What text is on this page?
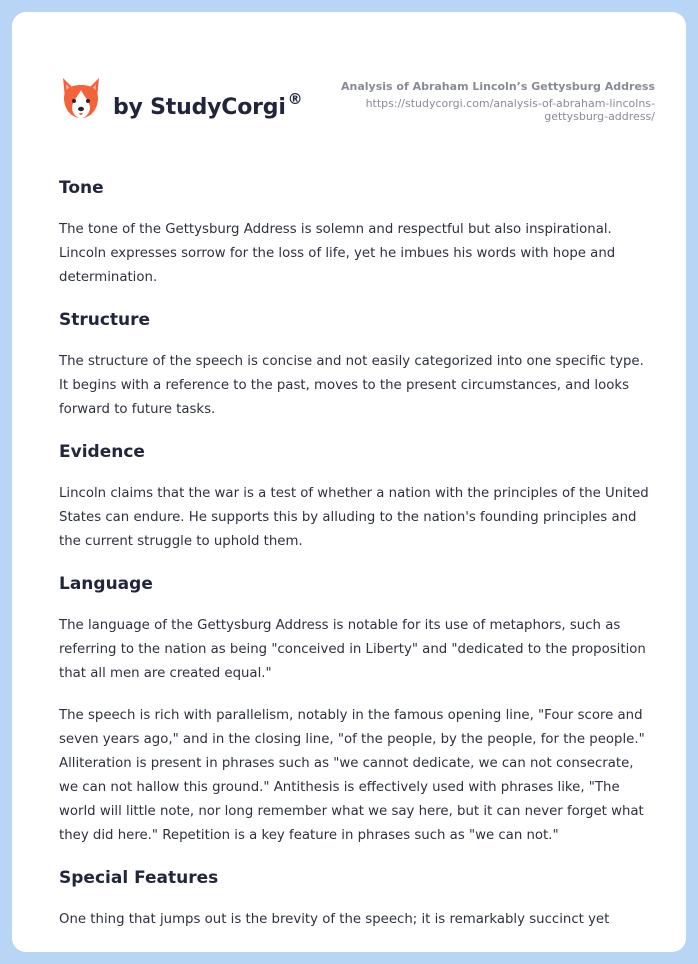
by StudyCorgi ®
Analysis of Abraham Lincoln’s Gettysburg Address
https://studycorgi.com/analysis-of-abraham-lincolns-gettysburg-address/
Tone

The tone of the Gettysburg Address is solemn and respectful but also inspirational. Lincoln expresses sorrow for the loss of life, yet he imbues his words with hope and determination.

Structure

The structure of the speech is concise and not easily categorized into one specific type. It begins with a reference to the past, moves to the present circumstances, and looks forward to future tasks.

Evidence

Lincoln claims that the war is a test of whether a nation with the principles of the United States can endure. He supports this by alluding to the nation's founding principles and the current struggle to uphold them.

Language

The language of the Gettysburg Address is notable for its use of metaphors, such as referring to the nation as being "conceived in Liberty" and "dedicated to the proposition that all men are created equal."

The speech is rich with parallelism, notably in the famous opening line, "Four score and seven years ago," and in the closing line, "of the people, by the people, for the people." Alliteration is present in phrases such as "we cannot dedicate, we can not consecrate, we can not hallow this ground." Antithesis is effectively used with phrases like, "The world will little note, nor long remember what we say here, but it can never forget what they did here." Repetition is a key feature in phrases such as "we can not."

Special Features

One thing that jumps out is the brevity of the speech; it is remarkably succinct yet
